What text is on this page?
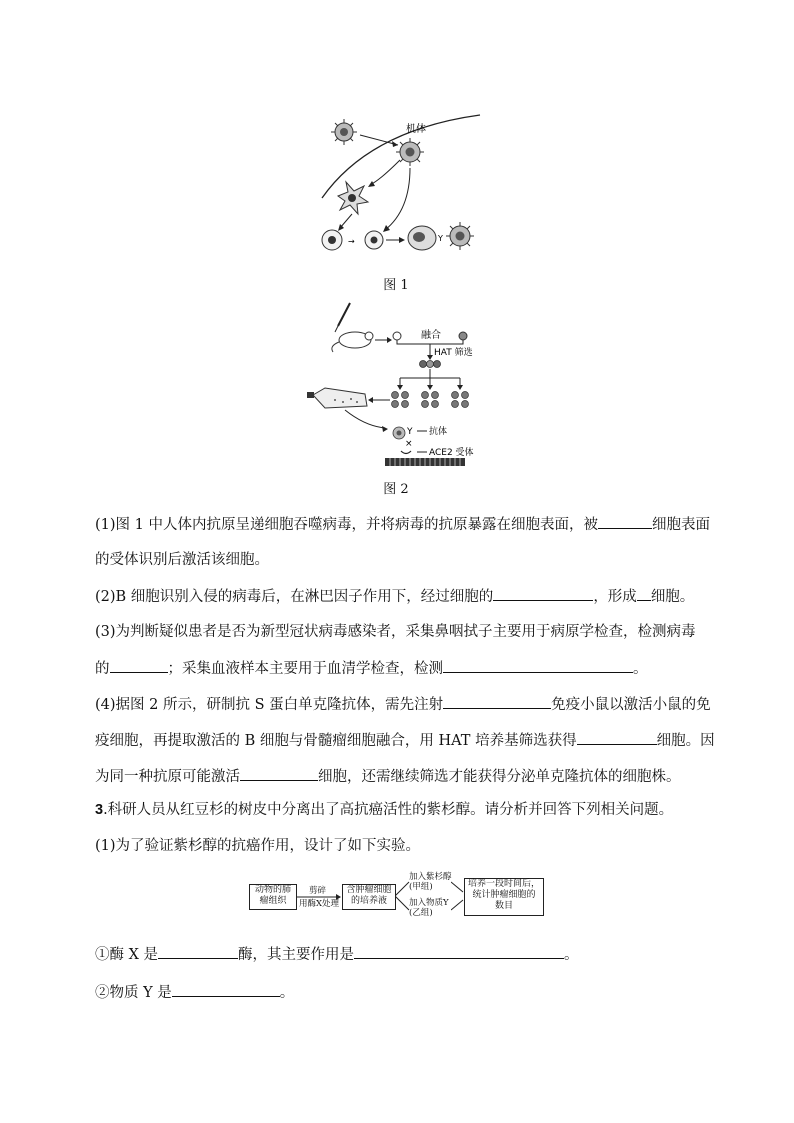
机体
→	Y
图 1
融合
HAT 筛选
Y 抗体
×
ACE2 受体
图 2
(1)图 1 中人体内抗原呈递细胞吞噬病毒，并将病毒的抗原暴露在细胞表面，被	细胞表面
的受体识别后激活该细胞。
(2)B 细胞识别入侵的病毒后，在淋巴因子作用下，经过细胞的	，形成 细胞。
(3)为判断疑似患者是否为新型冠状病毒感染者，采集鼻咽拭子主要用于病原学检查，检测病毒
的	；采集血液样本主要用于血清学检查，检测	。
(4)据图 2 所示，研制抗 S 蛋白单克隆抗体，需先注射	免疫小鼠以激活小鼠的免
疫细胞，再提取激活的 B 细胞与骨髓瘤细胞融合，用 HAT 培养基筛选获得	细胞。因
为同一种抗原可能激活	细胞，还需继续筛选才能获得分泌单克隆抗体的细胞株。
3.科研人员从红豆杉的树皮中分离出了高抗癌活性的紫杉醇。请分析并回答下列相关问题。
(1)为了验证紫杉醇的抗癌作用，设计了如下实验。
动物的肺
瘤组织
剪碎
用酶X处理
含肿瘤细胞
的培养液
加入紫杉醇
(甲组)
加入物质Y
(乙组)
培养一段时间后，
统计肿瘤细胞的
数目
①酶 X 是	酶，其主要作用是	。
②物质 Y 是	。
